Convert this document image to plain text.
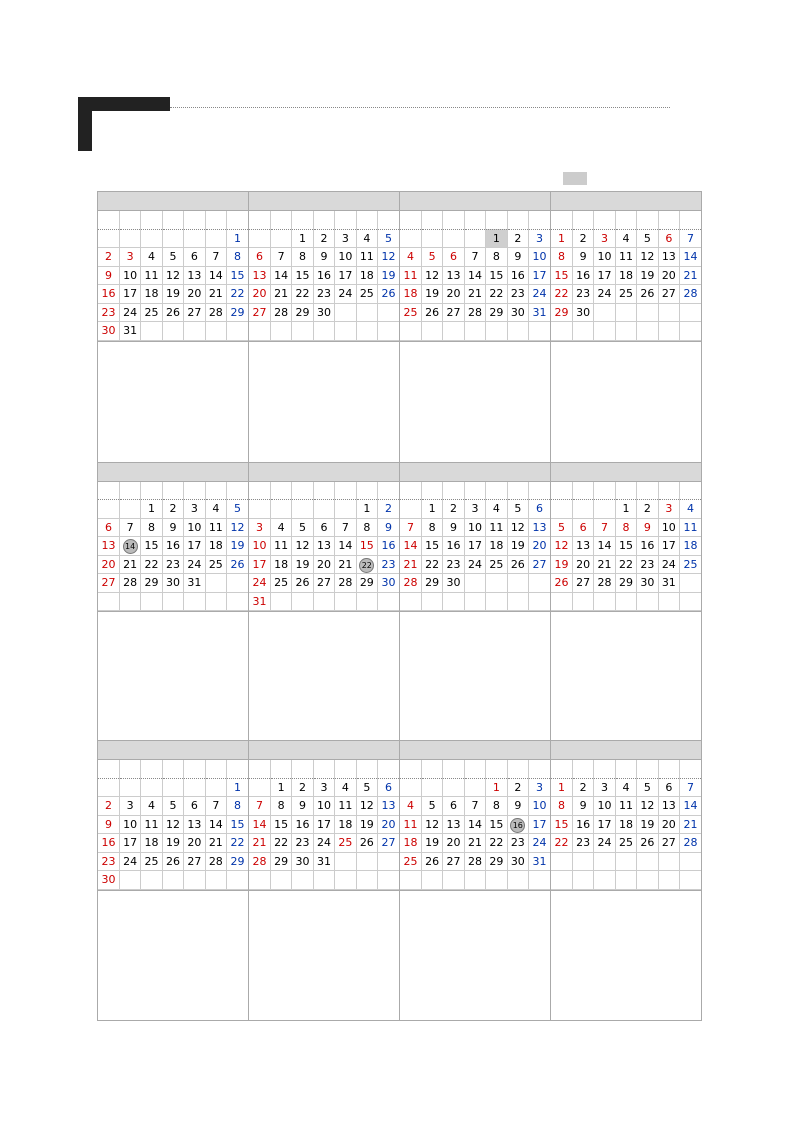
						1
2	3	4	5	6	7	8
9	10	11	12	13	14	15
16	17	18	19	20	21	22
23	24	25	26	27	28	29
30	31					

		1	2	3	4	5
6	7	8	9	10	11	12
13	14	15	16	17	18	19
20	21	22	23	24	25	26
27	28	29	30			

				1	2	3
4	5	6	7	8	9	10
11	12	13	14	15	16	17
18	19	20	21	22	23	24
25	26	27	28	29	30	31

1	2	3	4	5	6	7
8	9	10	11	12	13	14
15	16	17	18	19	20	21
22	23	24	25	26	27	28
29	30					

		1	2	3	4	5
6	7	8	9	10	11	12
13	14	15	16	17	18	19
20	21	22	23	24	25	26
27	28	29	30	31		

					1	2
3	4	5	6	7	8	9
10	11	12	13	14	15	16
17	18	19	20	21	22	23
24	25	26	27	28	29	30
31						

	1	2	3	4	5	6
7	8	9	10	11	12	13
14	15	16	17	18	19	20
21	22	23	24	25	26	27
28	29	30				

			1	2	3	4
5	6	7	8	9	10	11
12	13	14	15	16	17	18
19	20	21	22	23	24	25
26	27	28	29	30	31	

						1
2	3	4	5	6	7	8
9	10	11	12	13	14	15
16	17	18	19	20	21	22
23	24	25	26	27	28	29
30						

	1	2	3	4	5	6
7	8	9	10	11	12	13
14	15	16	17	18	19	20
21	22	23	24	25	26	27
28	29	30	31			

				1	2	3
4	5	6	7	8	9	10
11	12	13	14	15	16	17
18	19	20	21	22	23	24
25	26	27	28	29	30	31

1	2	3	4	5	6	7
8	9	10	11	12	13	14
15	16	17	18	19	20	21
22	23	24	25	26	27	28
